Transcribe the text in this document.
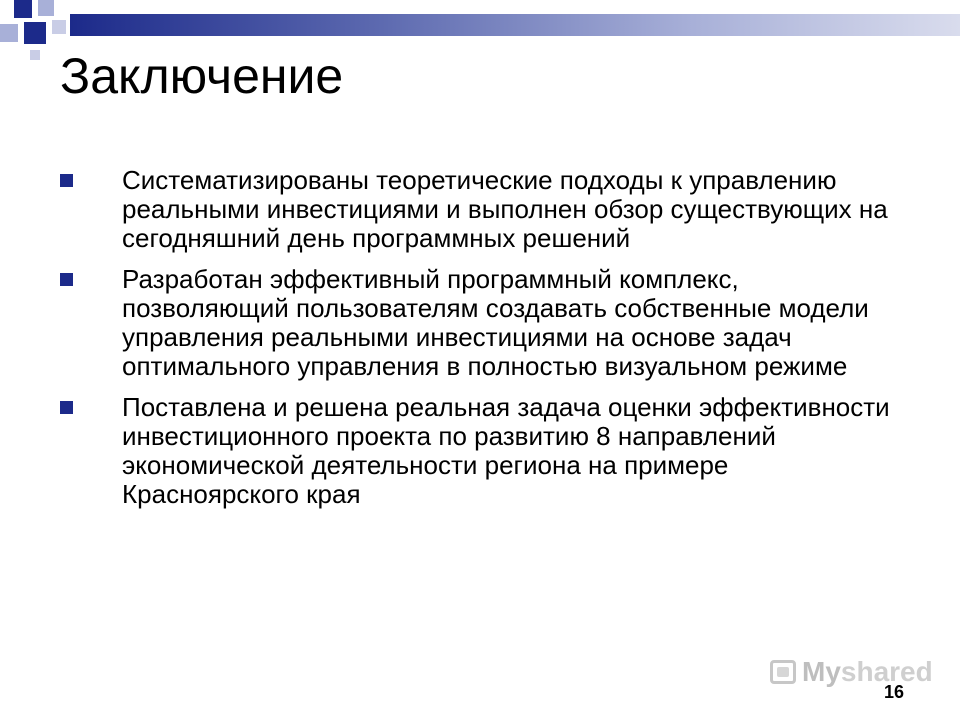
Заключение
Систематизированы теоретические подходы к управлению реальными инвестициями и выполнен обзор существующих на сегодняшний день программных решений
Разработан эффективный программный комплекс, позволяющий пользователям создавать собственные модели управления реальными инвестициями на основе задач оптимального управления в полностью визуальном режиме
Поставлена и решена реальная задача оценки эффективности инвестиционного проекта по развитию 8 направлений экономической деятельности региона на примере Красноярского края
Myshared
16
